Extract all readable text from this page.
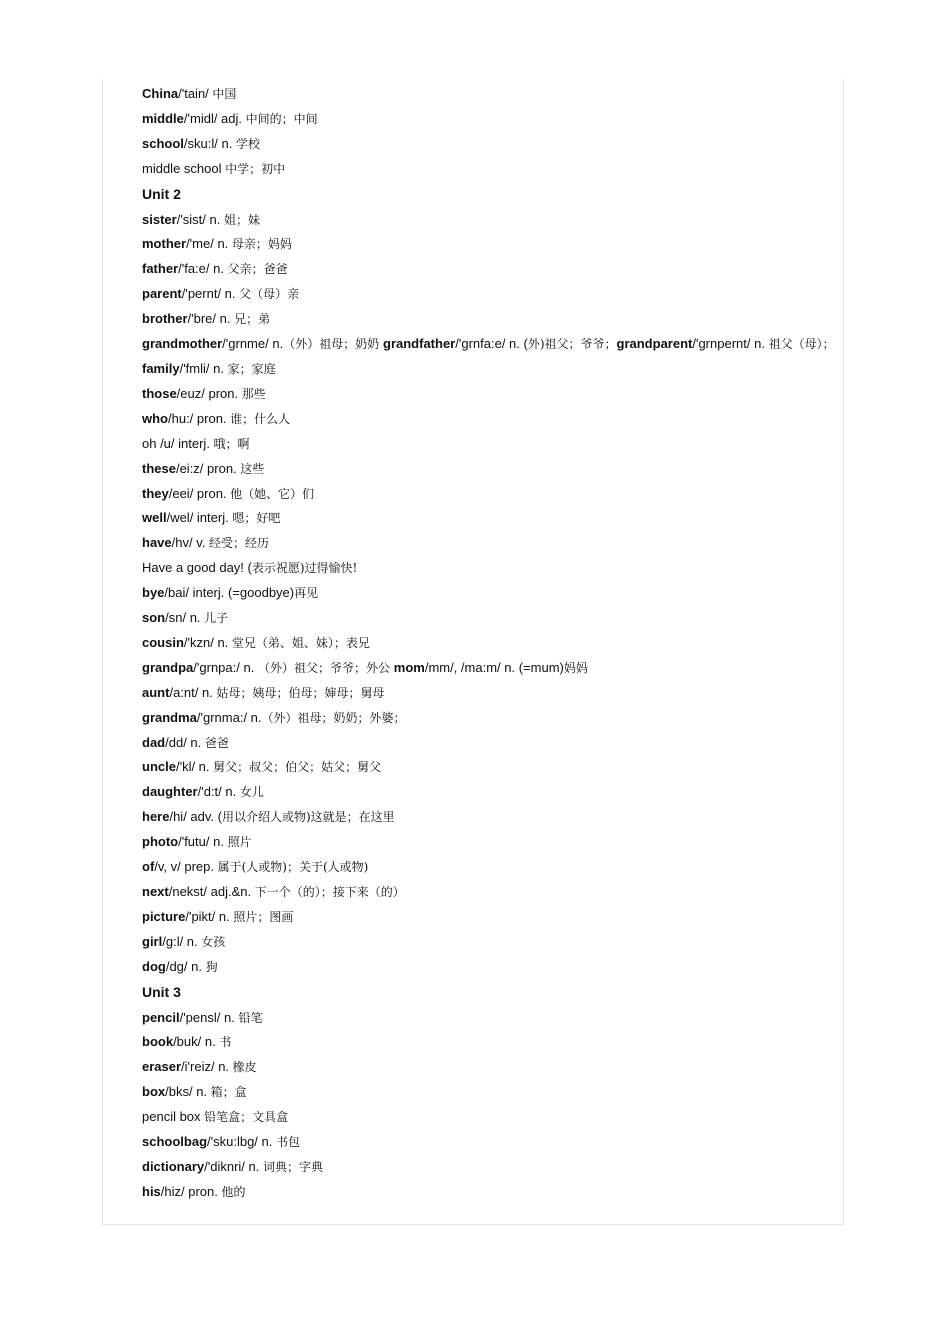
China/'tain/ 中国
middle/'midl/ adj. 中间的；中间
school/sku:l/ n. 学校
middle school 中学；初中
Unit 2
sister/'sist/ n. 姐；妹
mother/'me/ n. 母亲；妈妈
father/'fa:e/ n. 父亲；爸爸
parent/'pernt/ n. 父（母）亲
brother/'bre/ n. 兄；弟
grandmother/'grnme/ n.（外）祖母；奶奶 grandfather/'grnfa:e/ n. (外)祖父；爷爷；grandparent/'grnpernt/ n. 祖父（母）；
family/'fmli/ n. 家；家庭
those/euz/ pron. 那些
who/hu:/ pron. 谁；什么人
oh /u/ interj. 哦；啊
these/ei:z/ pron. 这些
they/eei/ pron. 他（她、它）们
well/wel/ interj. 嗯；好吧
have/hv/ v. 经受；经历
Have a good day! (表示祝愿)过得愉快!
bye/bai/ interj. (=goodbye)再见
son/sn/ n. 儿子
cousin/'kzn/ n. 堂兄（弟、姐、妹）；表兄
grandpa/'grnpa:/ n. （外）祖父；爷爷；外公 mom/mm/, /ma:m/ n. (=mum)妈妈
aunt/a:nt/ n. 姑母；姨母；伯母；婶母；舅母
grandma/'grnma:/ n.（外）祖母；奶奶；外婆；
dad/dd/ n. 爸爸
uncle/'kl/ n. 舅父；叔父；伯父；姑父；舅父
daughter/'d:t/ n. 女儿
here/hi/ adv. (用以介绍人或物)这就是；在这里
photo/'futu/ n. 照片
of/v, v/ prep. 属于(人或物)；关于(人或物)
next/nekst/ adj.&n. 下一个（的）；接下来（的）
picture/'pikt/ n. 照片；图画
girl/g:l/ n. 女孩
dog/dg/ n. 狗
Unit 3
pencil/'pensl/ n. 铅笔
book/buk/ n. 书
eraser/i'reiz/ n. 橡皮
box/bks/ n. 箱；盒
pencil box 铅笔盒；文具盒
schoolbag/'sku:lbg/ n. 书包
dictionary/'diknri/ n. 词典；字典
his/hiz/ pron. 他的
